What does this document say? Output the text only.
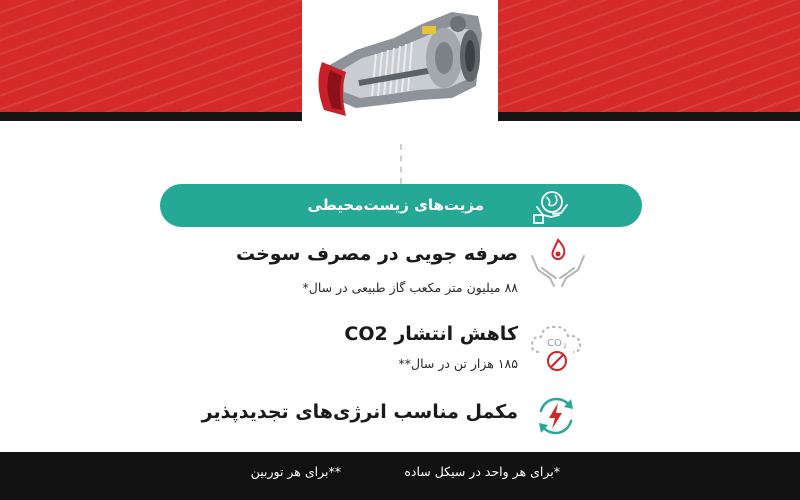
مزیت‌های زیست‌محیطی
صرفه جویی در مصرف سوخت
۸۸ میلیون متر مکعب گاز طبیعی در سال*
کاهش انتشار CO2
۱۸۵ هزار تن در سال**
CO 2
مکمل مناسب انرژی‌های تجدیدپذیر
*برای هر واحد در سیکل ساده
**برای هر توربین
